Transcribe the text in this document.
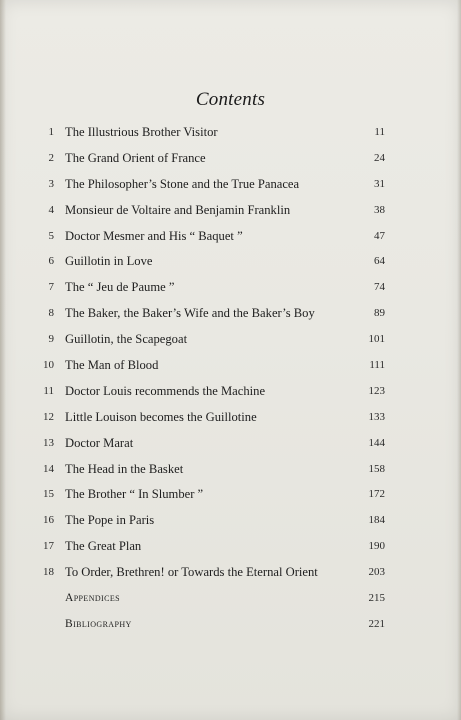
Contents
1 The Illustrious Brother Visitor	11
2 The Grand Orient of France	24
3 The Philosopher’s Stone and the True Panacea	31
4 Monsieur de Voltaire and Benjamin Franklin	38
5 Doctor Mesmer and His “ Baquet ”	47
6 Guillotin in Love	64
7 The “ Jeu de Paume ”	74
8 The Baker, the Baker’s Wife and the Baker’s Boy	89
9 Guillotin, the Scapegoat	101
10 The Man of Blood	111
11 Doctor Louis recommends the Machine	123
12 Little Louison becomes the Guillotine	133
13 Doctor Marat	144
14 The Head in the Basket	158
15 The Brother “ In Slumber ”	172
16 The Pope in Paris	184
17 The Great Plan	190
18 To Order, Brethren! or Towards the Eternal Orient	203
Appendices	215
Bibliography	221
